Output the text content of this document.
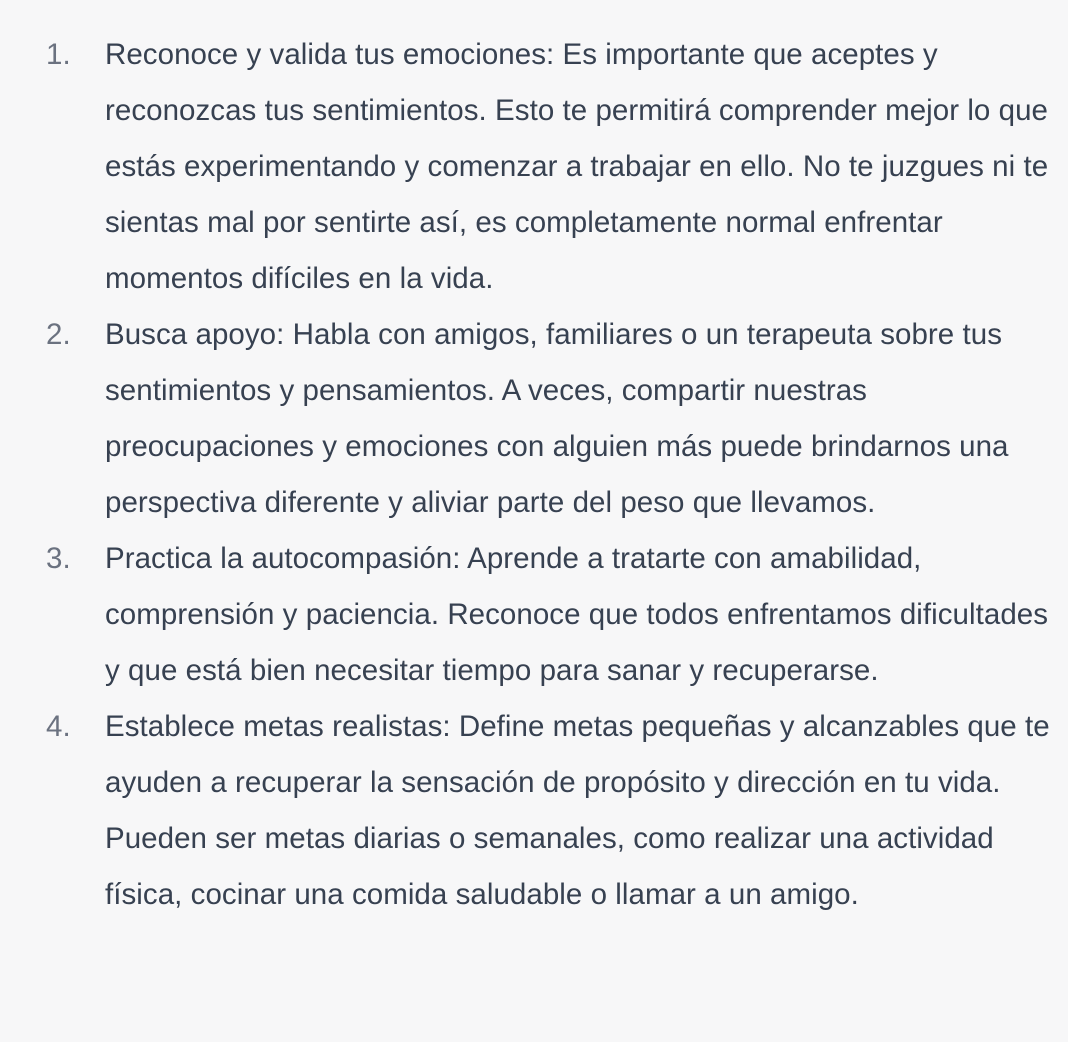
1. Reconoce y valida tus emociones: Es importante que aceptes y reconozcas tus sentimientos. Esto te permitirá comprender mejor lo que estás experimentando y comenzar a trabajar en ello. No te juzgues ni te sientas mal por sentirte así, es completamente normal enfrentar momentos difíciles en la vida.
2. Busca apoyo: Habla con amigos, familiares o un terapeuta sobre tus sentimientos y pensamientos. A veces, compartir nuestras preocupaciones y emociones con alguien más puede brindarnos una perspectiva diferente y aliviar parte del peso que llevamos.
3. Practica la autocompasión: Aprende a tratarte con amabilidad, comprensión y paciencia. Reconoce que todos enfrentamos dificultades y que está bien necesitar tiempo para sanar y recuperarse.
4. Establece metas realistas: Define metas pequeñas y alcanzables que te ayuden a recuperar la sensación de propósito y dirección en tu vida. Pueden ser metas diarias o semanales, como realizar una actividad física, cocinar una comida saludable o llamar a un amigo.
